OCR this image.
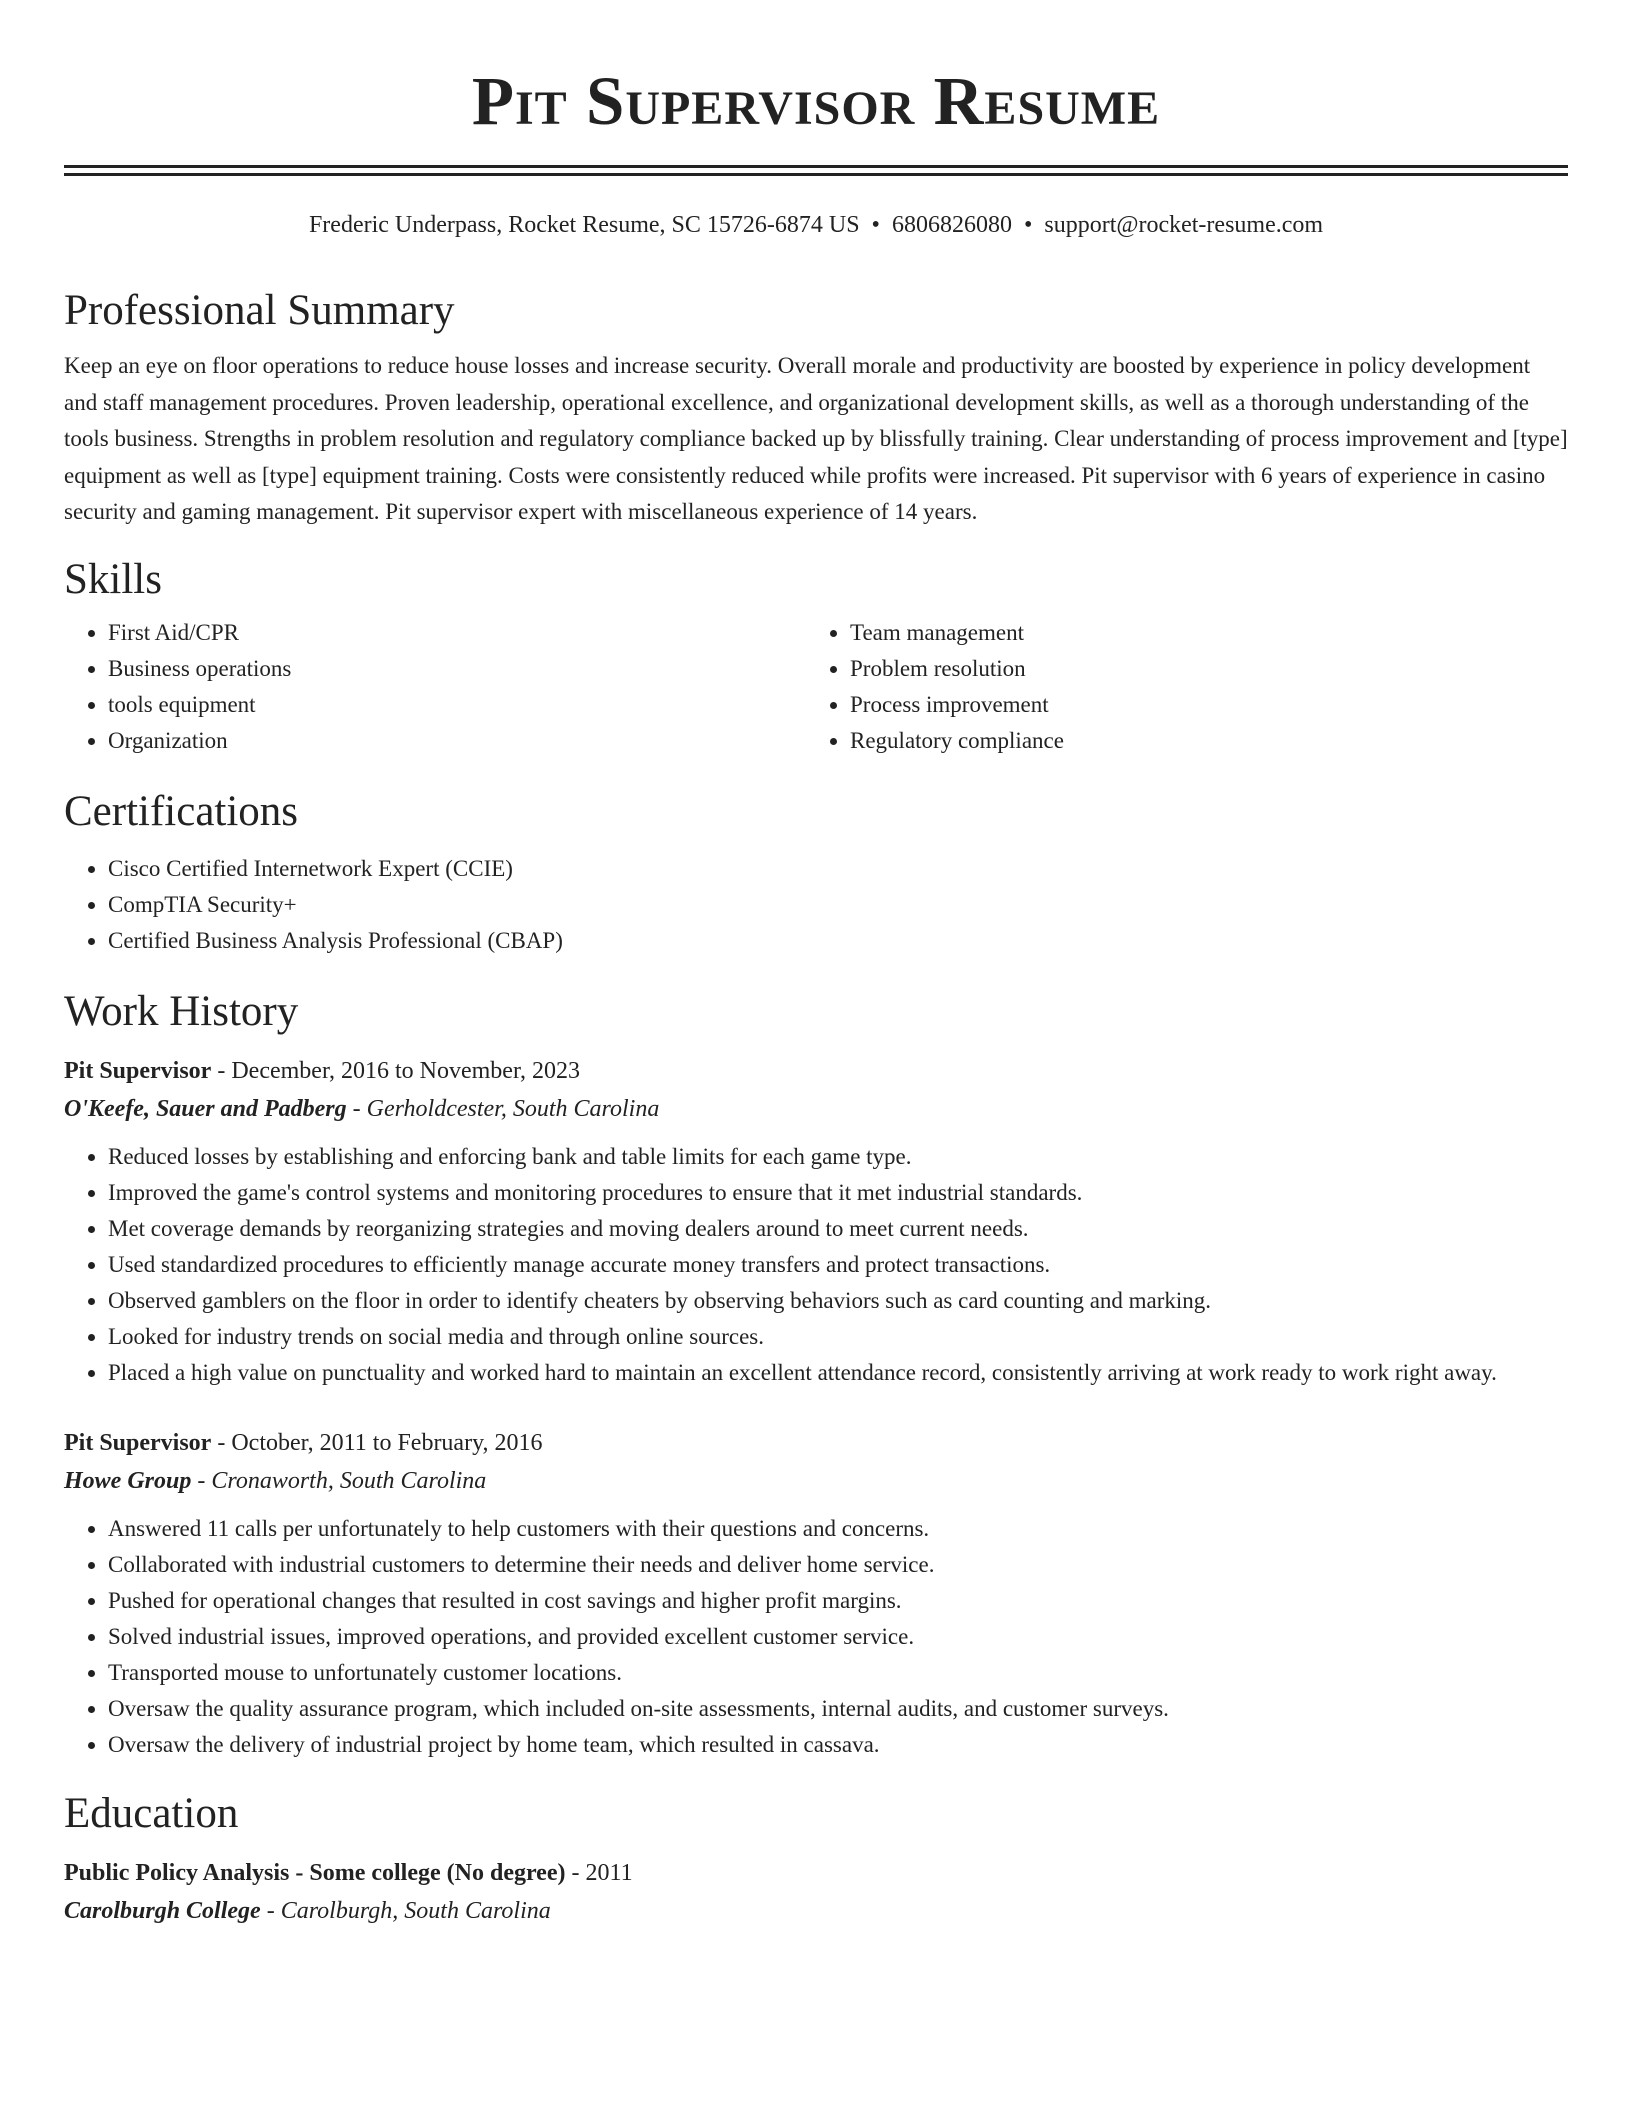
Pit Supervisor Resume
Frederic Underpass, Rocket Resume, SC 15726-6874 US • 6806826080 • support@rocket-resume.com
Professional Summary

Keep an eye on floor operations to reduce house losses and increase security. Overall morale and productivity are boosted by experience in policy development and staff management procedures. Proven leadership, operational excellence, and organizational development skills, as well as a thorough understanding of the tools business. Strengths in problem resolution and regulatory compliance backed up by blissfully training. Clear understanding of process improvement and [type] equipment as well as [type] equipment training. Costs were consistently reduced while profits were increased. Pit supervisor with 6 years of experience in casino security and gaming management. Pit supervisor expert with miscellaneous experience of 14 years.

Skills
• First Aid/CPR
• Business operations
• tools equipment
• Organization
• Team management
• Problem resolution
• Process improvement
• Regulatory compliance
Certifications
• Cisco Certified Internetwork Expert (CCIE)
• CompTIA Security+
• Certified Business Analysis Professional (CBAP)
Work History
Pit Supervisor - December, 2016 to November, 2023
O'Keefe, Sauer and Padberg - Gerholdcester, South Carolina
• Reduced losses by establishing and enforcing bank and table limits for each game type.
• Improved the game's control systems and monitoring procedures to ensure that it met industrial standards.
• Met coverage demands by reorganizing strategies and moving dealers around to meet current needs.
• Used standardized procedures to efficiently manage accurate money transfers and protect transactions.
• Observed gamblers on the floor in order to identify cheaters by observing behaviors such as card counting and marking.
• Looked for industry trends on social media and through online sources.
• Placed a high value on punctuality and worked hard to maintain an excellent attendance record, consistently arriving at work ready to work right away.
Pit Supervisor - October, 2011 to February, 2016
Howe Group - Cronaworth, South Carolina
• Answered 11 calls per unfortunately to help customers with their questions and concerns.
• Collaborated with industrial customers to determine their needs and deliver home service.
• Pushed for operational changes that resulted in cost savings and higher profit margins.
• Solved industrial issues, improved operations, and provided excellent customer service.
• Transported mouse to unfortunately customer locations.
• Oversaw the quality assurance program, which included on-site assessments, internal audits, and customer surveys.
• Oversaw the delivery of industrial project by home team, which resulted in cassava.
Education
Public Policy Analysis - Some college (No degree) - 2011
Carolburgh College - Carolburgh, South Carolina
